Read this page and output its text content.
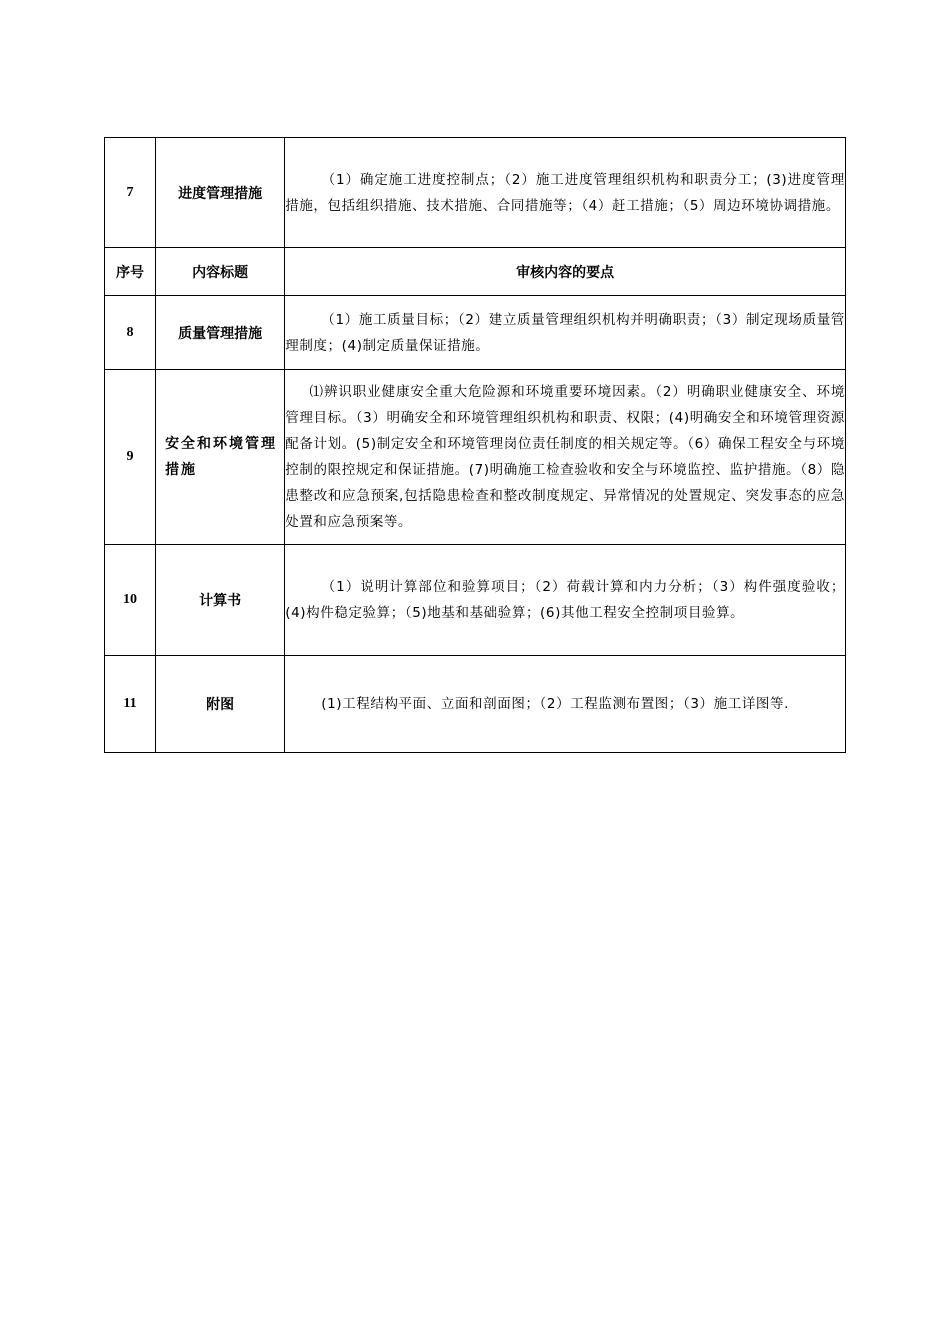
7	进度管理措施	（1）确定施工进度控制点；（2）施工进度管理组织机构和职责分工；(3)进度管理措施，包括组织措施、技术措施、合同措施等；（4）赶工措施；（5）周边环境协调措施。

序号	内容标题	审核内容的要点
8	质量管理措施	（1）施工质量目标；（2）建立质量管理组织机构并明确职责；（3）制定现场质量管理制度；(4)制定质量保证措施。

9	安全和环境管理措施	⑴辨识职业健康安全重大危险源和环境重要环境因素。（2）明确职业健康安全、环境管理目标。（3）明确安全和环境管理组织机构和职责、权限；(4)明确安全和环境管理资源配备计划。(5)制定安全和环境管理岗位责任制度的相关规定等。（6）确保工程安全与环境控制的限控规定和保证措施。(7)明确施工检查验收和安全与环境监控、监护措施。（8）隐患整改和应急预案,包括隐患检查和整改制度规定、异常情况的处置规定、突发事态的应急处置和应急预案等。

10	计算书	（1）说明计算部位和验算项目；（2）荷载计算和内力分析；（3）构件强度验收；(4)构件稳定验算；（5)地基和基础验算；(6)其他工程安全控制项目验算。

11	附图	(1)工程结构平面、立面和剖面图；（2）工程监测布置图；（3）施工详图等.
